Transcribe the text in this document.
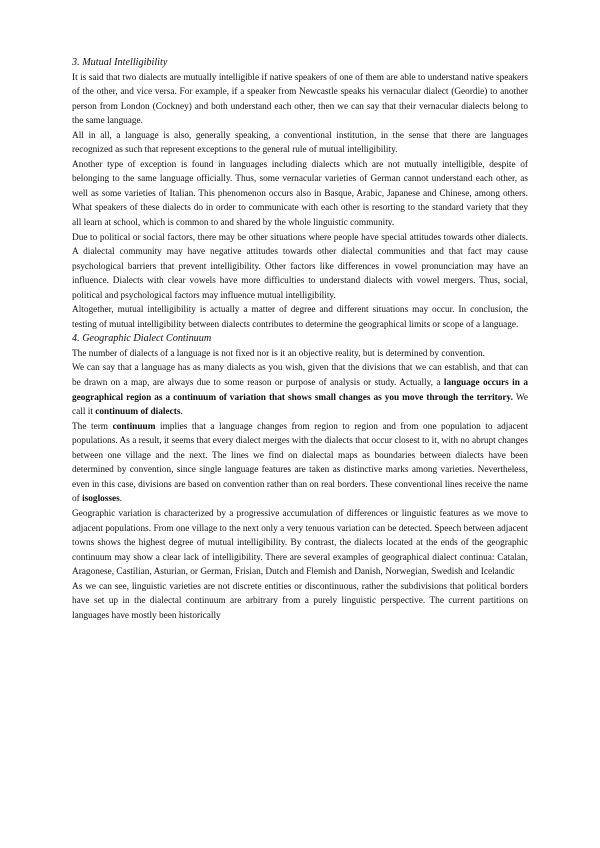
3. Mutual Intelligibility

It is said that two dialects are mutually intelligible if native speakers of one of them are able to understand native speakers of the other, and vice versa. For example, if a speaker from Newcastle speaks his vernacular dialect (Geordie) to another person from London (Cockney) and both understand each other, then we can say that their vernacular dialects belong to the same language.

All in all, a language is also, generally speaking, a conventional institution, in the sense that there are languages recognized as such that represent exceptions to the general rule of mutual intelligibility.

Another type of exception is found in languages including dialects which are not mutually intelligible, despite of belonging to the same language officially. Thus, some vernacular varieties of German cannot understand each other, as well as some varieties of Italian. This phenomenon occurs also in Basque, Arabic, Japanese and Chinese, among others. What speakers of these dialects do in order to communicate with each other is resorting to the standard variety that they all learn at school, which is common to and shared by the whole linguistic community.

Due to political or social factors, there may be other situations where people have special attitudes towards other dialects. A dialectal community may have negative attitudes towards other dialectal communities and that fact may cause psychological barriers that prevent intelligibility. Other factors like differences in vowel pronunciation may have an influence. Dialects with clear vowels have more difficulties to understand dialects with vowel mergers. Thus, social, political and psychological factors may influence mutual intelligibility.

Altogether, mutual intelligibility is actually a matter of degree and different situations may occur. In conclusion, the testing of mutual intelligibility between dialects contributes to determine the geographical limits or scope of a language.

4. Geographic Dialect Continuum

The number of dialects of a language is not fixed nor is it an objective reality, but is determined by convention.

We can say that a language has as many dialects as you wish, given that the divisions that we can establish, and that can be drawn on a map, are always due to some reason or purpose of analysis or study. Actually, a language occurs in a geographical region as a continuum of variation that shows small changes as you move through the territory. We call it continuum of dialects.

The term continuum implies that a language changes from region to region and from one population to adjacent populations. As a result, it seems that every dialect merges with the dialects that occur closest to it, with no abrupt changes between one village and the next. The lines we find on dialectal maps as boundaries between dialects have been determined by convention, since single language features are taken as distinctive marks among varieties. Nevertheless, even in this case, divisions are based on convention rather than on real borders. These conventional lines receive the name of isoglosses.

Geographic variation is characterized by a progressive accumulation of differences or linguistic features as we move to adjacent populations. From one village to the next only a very tenuous variation can be detected. Speech between adjacent towns shows the highest degree of mutual intelligibility. By contrast, the dialects located at the ends of the geographic continuum may show a clear lack of intelligibility. There are several examples of geographical dialect continua: Catalan, Aragonese, Castilian, Asturian, or German, Frisian, Dutch and Flemish and Danish, Norwegian, Swedish and Icelandic

As we can see, linguistic varieties are not discrete entities or discontinuous, rather the subdivisions that political borders have set up in the dialectal continuum are arbitrary from a purely linguistic perspective. The current partitions on languages have mostly been historically
